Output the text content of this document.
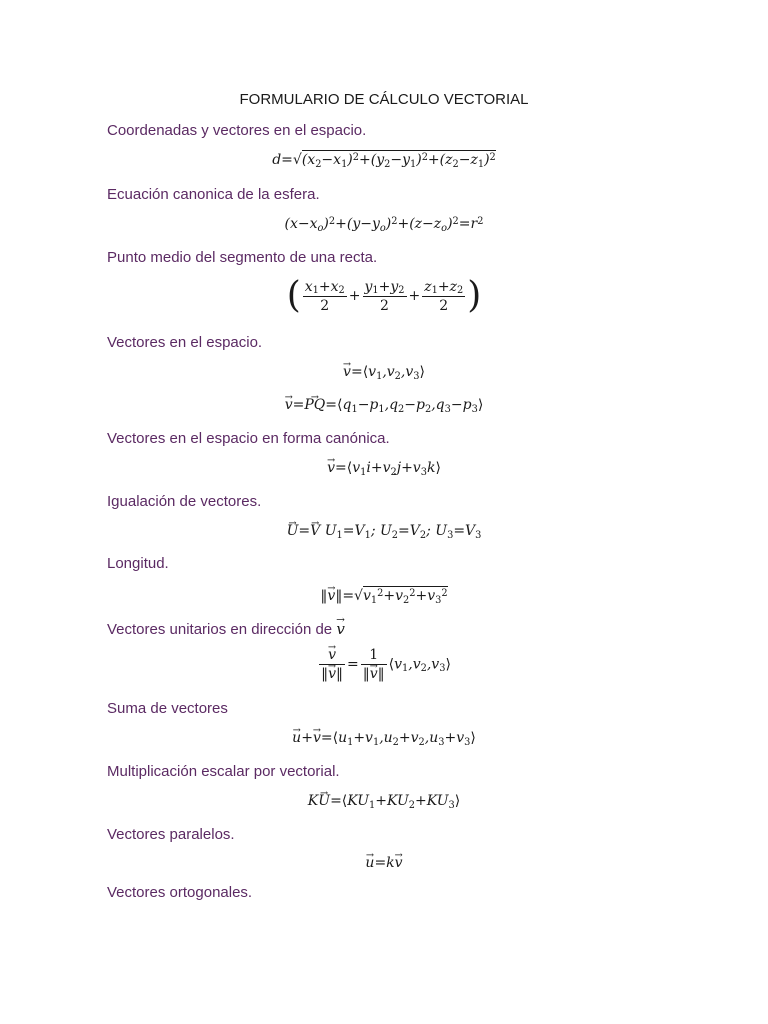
FORMULARIO DE CÁLCULO VECTORIAL
Coordenadas y vectores en el espacio.
$d=√(x_2-x_1)^2+(y_2-y_1)^2+(z_2-z_1)^2$
Ecuación canonica de la esfera.
$(x-x_o)^2+(y-y_o)^2+(z-z_o)^2=r^2$
Punto medio del segmento de una recta.
( $\frac{x_1+x_2}{2} + \frac{y_1+y_2}{2} + \frac{z_1+z_2}{2}$ )
Vectores en el espacio.
→ $v=⟨v_1,v_2,v_3⟩$
→ $v=\to PQ=⟨q_1-p_1,q_2-p_2,q_3-p_3⟩$
Vectores en el espacio en forma canónica.
→ $v=⟨v_1i+v_2j+v_3k⟩$
Igualación de vectores.
→ U=→ V $U_1=V_1$; $U_2=V_2$; $U_3=V_3$
Longitud.
‖→ $v‖=√v_1^2+v_2^2+v_3^2$
Vectores unitarios en dirección de → v
→ $\frac{v}{‖\to v‖} = \frac{1}{‖\to v‖}$ $⟨v_1,v_2,v_3⟩$
Suma de vectores
→ $u+\to v=⟨u_1+v_1,u_2+v_2,u_3+v_3⟩$
Multiplicación escalar por vectorial.
$K\to U=⟨KU_1+KU_2+KU_3⟩$
Vectores paralelos.
→ u=k→ v
Vectores ortogonales.
